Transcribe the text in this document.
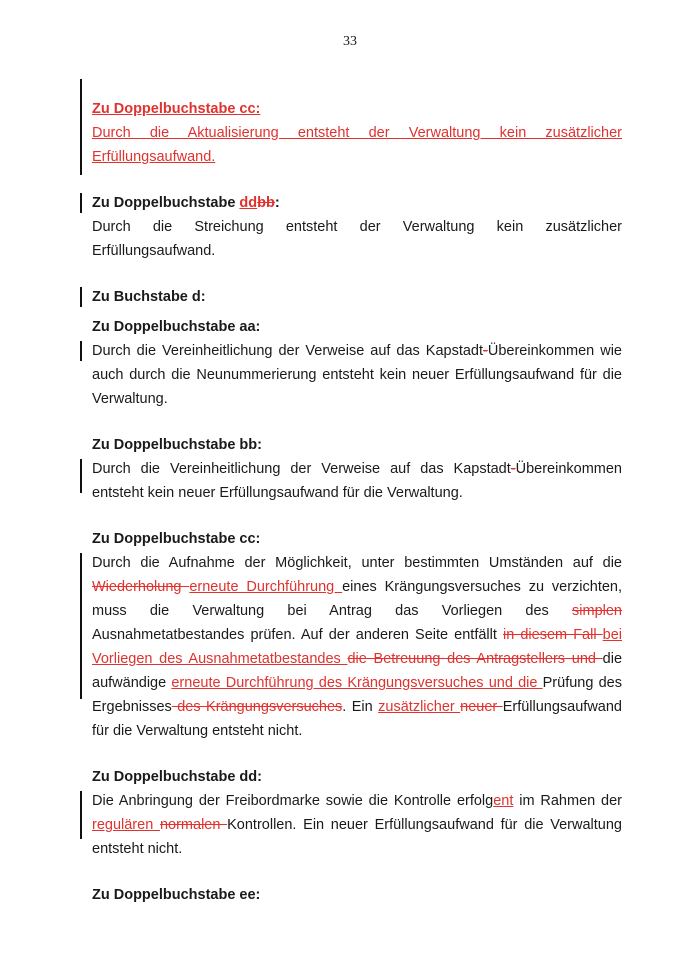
33
Zu Doppelbuchstabe cc:
Durch die Aktualisierung entsteht der Verwaltung kein zusätzlicher Erfüllungsaufwand.
Zu Doppelbuchstabe ddbb:
Durch die Streichung entsteht der Verwaltung kein zusätzlicher Erfüllungsaufwand.
Zu Buchstabe d:
Zu Doppelbuchstabe aa:
Durch die Vereinheitlichung der Verweise auf das Kapstadt-Übereinkommen wie auch durch die Neunummerierung entsteht kein neuer Erfüllungsaufwand für die Verwaltung.
Zu Doppelbuchstabe bb:
Durch die Vereinheitlichung der Verweise auf das Kapstadt-Übereinkommen entsteht kein neuer Erfüllungsaufwand für die Verwaltung.
Zu Doppelbuchstabe cc:
Durch die Aufnahme der Möglichkeit, unter bestimmten Umständen auf die Wiederholung erneute Durchführung eines Krängungsversuches zu verzichten, muss die Verwaltung bei Antrag das Vorliegen des simplen Ausnahmetatbestandes prüfen. Auf der anderen Seite entfällt in diesem Fall bei Vorliegen des Ausnahmetatbestandes die Betreuung des Antragstellers und die aufwändige erneute Durchführung des Krängungsversuches und die Prüfung des Ergebnisses des Krängungsversuches. Ein zusätzlicher neuer Erfüllungsaufwand für die Verwaltung entsteht nicht.
Zu Doppelbuchstabe dd:
Die Anbringung der Freibordmarke sowie die Kontrolle erfolgent im Rahmen der regulären normalen Kontrollen. Ein neuer Erfüllungsaufwand für die Verwaltung entsteht nicht.
Zu Doppelbuchstabe ee:
